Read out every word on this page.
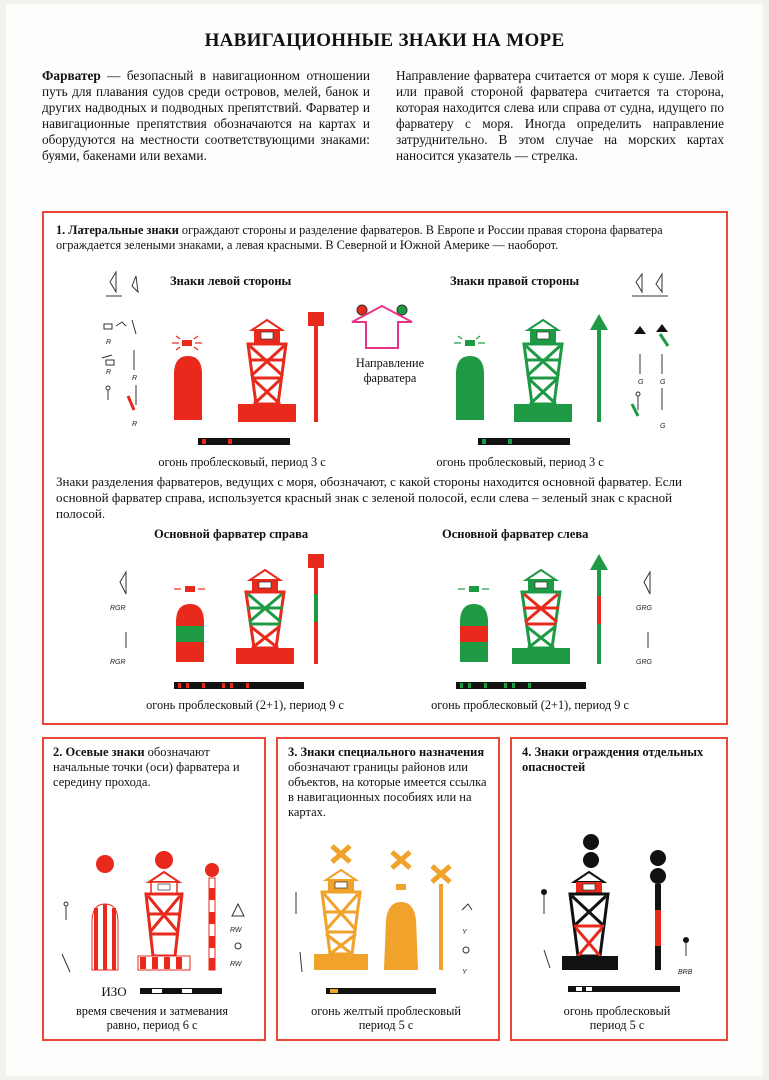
НАВИГАЦИОННЫЕ ЗНАКИ НА МОРЕ
Фарватер — безопасный в навигационном отношении путь для плавания судов среди островов, мелей, банок и других надводных и подводных препятствий. Фарватер и навигационные препятствия обозначаются на картах и оборудуются на местности соответствующими знаками: буями, бакенами или вехами.
Направление фарватера считается от моря к суше. Левой или правой стороной фарватера считается та сторона, которая находится слева или справа от судна, идущего по фарватеру с моря. Иногда определить направление затруднительно. В этом случае на морских картах наносится указатель — стрелка.
1. Латеральные знаки ограждают стороны и разделение фарватеров. В Европе и России правая сторона фарватера ограждается зелеными знаками, а левая красными. В Северной и Южной Америке — наоборот.
Знаки левой стороны	Знаки правой стороны
Направление
фарватера
R
R
R
R
G G
G
огонь проблесковый, период 3 с	огонь проблесковый, период 3 с
Знаки разделения фарватеров, ведущих с моря, обозначают, с какой стороны находится основной фарватер. Если основной фарватер справа, используется красный знак с зеленой полосой, если слева – зеленый знак с красной полосой.
Основной фарватер справа	Основной фарватер слева
RGR
RGR
GRG
GRG
огонь проблесковый (2+1), период 9 с	огонь проблесковый (2+1), период 9 с
2. Осевые знаки обозначают начальные точки (оси) фарватера и середину прохода.
RW
RW
ИЗО
время свечения и затмевания
равно, период 6 с
3. Знаки специального назначения обозначают границы районов или объектов, на которые имеется ссылка в навигационных пособиях или на картах.
Y
Y
огонь желтый проблесковый
период 5 с
4. Знаки ограждения отдельных опасностей
BRB
огонь проблесковый
период 5 с
